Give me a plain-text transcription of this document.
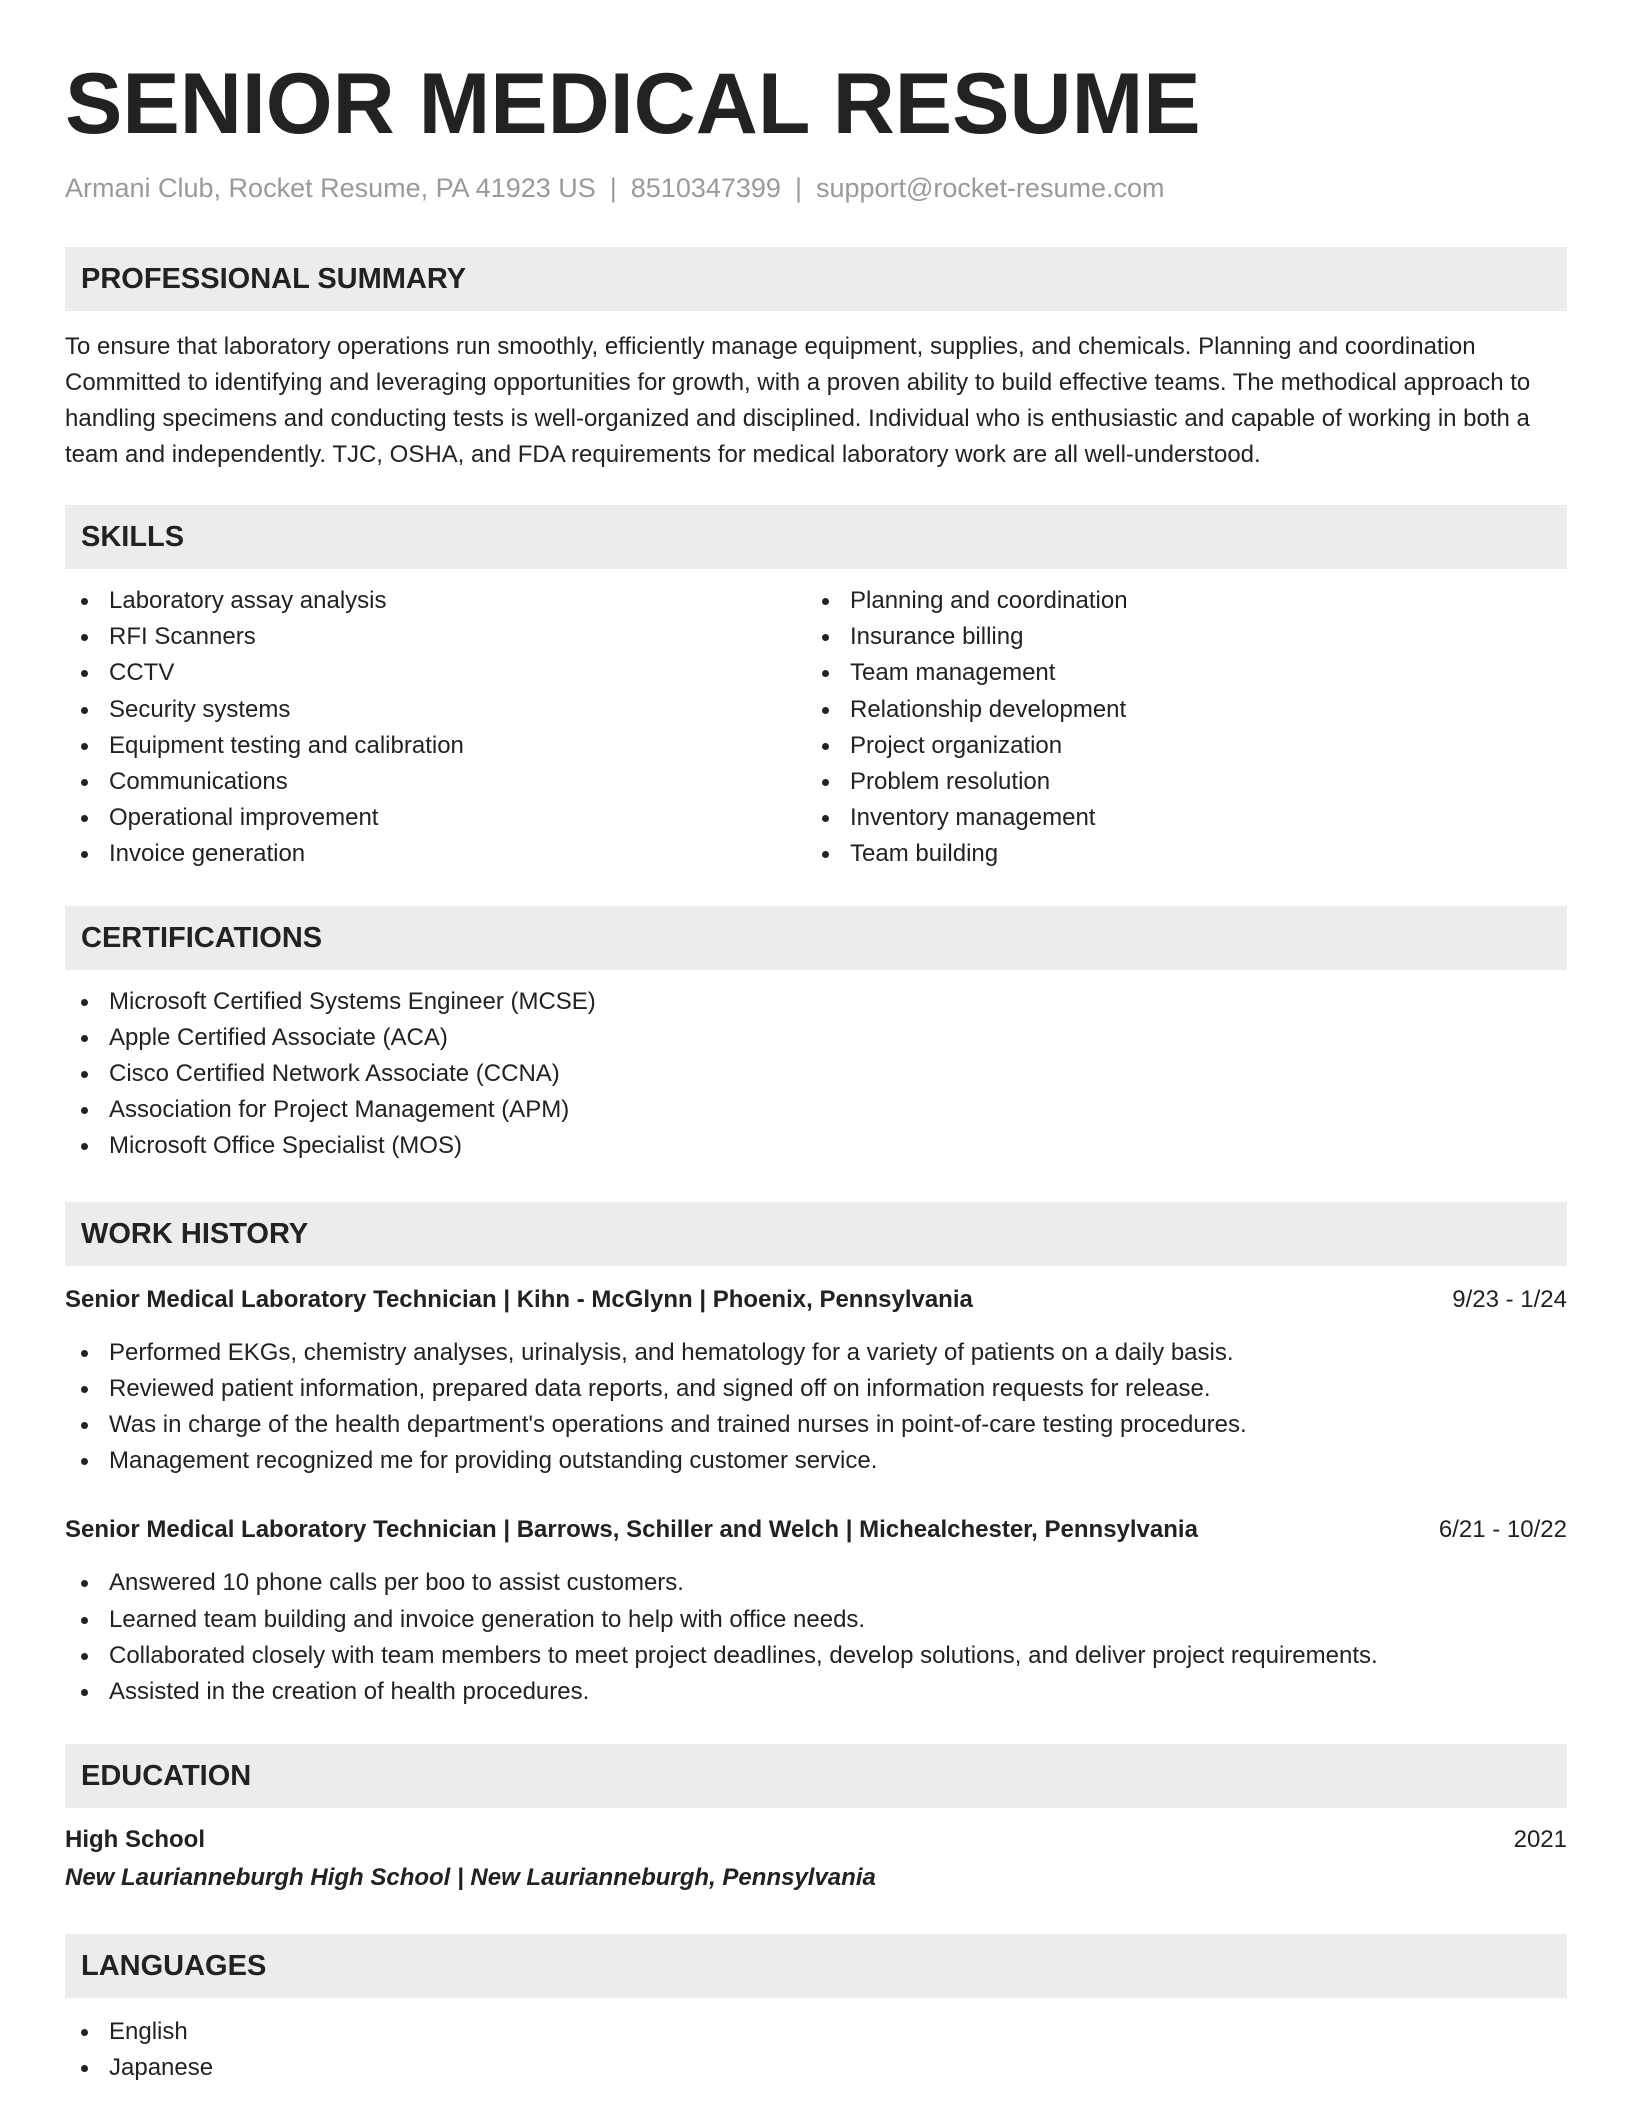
SENIOR MEDICAL RESUME
Armani Club, Rocket Resume, PA 41923 US | 8510347399 | support@rocket-resume.com
PROFESSIONAL SUMMARY
To ensure that laboratory operations run smoothly, efficiently manage equipment, supplies, and chemicals. Planning and coordination Committed to identifying and leveraging opportunities for growth, with a proven ability to build effective teams. The methodical approach to handling specimens and conducting tests is well-organized and disciplined. Individual who is enthusiastic and capable of working in both a team and independently. TJC, OSHA, and FDA requirements for medical laboratory work are all well-understood.
SKILLS
Laboratory assay analysis
RFI Scanners
CCTV
Security systems
Equipment testing and calibration
Communications
Operational improvement
Invoice generation
Planning and coordination
Insurance billing
Team management
Relationship development
Project organization
Problem resolution
Inventory management
Team building
CERTIFICATIONS
Microsoft Certified Systems Engineer (MCSE)
Apple Certified Associate (ACA)
Cisco Certified Network Associate (CCNA)
Association for Project Management (APM)
Microsoft Office Specialist (MOS)
WORK HISTORY
Senior Medical Laboratory Technician | Kihn - McGlynn | Phoenix, Pennsylvania	9/23 - 1/24
Performed EKGs, chemistry analyses, urinalysis, and hematology for a variety of patients on a daily basis.
Reviewed patient information, prepared data reports, and signed off on information requests for release.
Was in charge of the health department's operations and trained nurses in point-of-care testing procedures.
Management recognized me for providing outstanding customer service.
Senior Medical Laboratory Technician | Barrows, Schiller and Welch | Michealchester, Pennsylvania	6/21 - 10/22
Answered 10 phone calls per boo to assist customers.
Learned team building and invoice generation to help with office needs.
Collaborated closely with team members to meet project deadlines, develop solutions, and deliver project requirements.
Assisted in the creation of health procedures.
EDUCATION
High School	2021
New Laurianneburgh High School | New Laurianneburgh, Pennsylvania
LANGUAGES
English
Japanese
